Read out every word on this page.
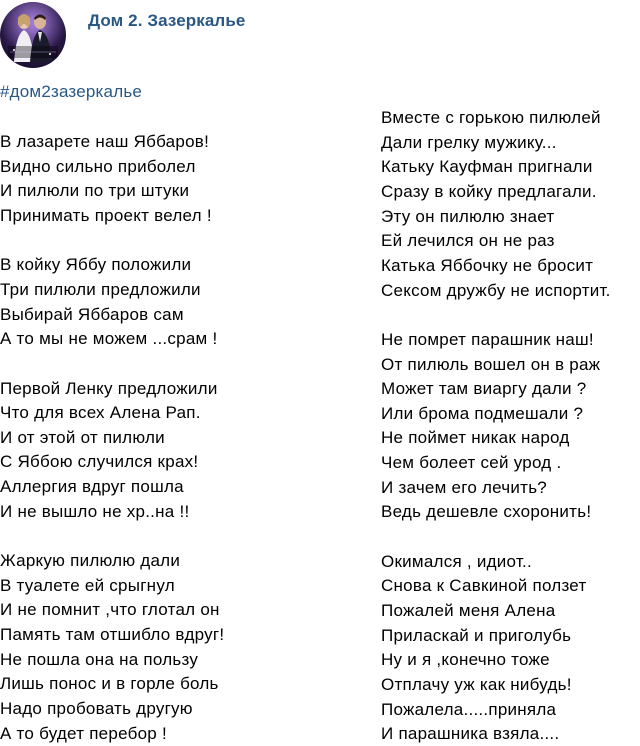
Дом 2. Зазеркалье
#дом2зазеркалье
В лазарете наш Яббаров!
Видно сильно приболел
И пилюли по три штуки
Принимать проект велел !
В койку Яббу положили
Три пилюли предложили
Выбирай Яббаров сам
А то мы не можем ...срам !
Первой Ленку предложили
Что для всех Алена Рап.
И от этой от пилюли
С Яббою случился крах!
Аллергия вдруг пошла
И не вышло не хр..на !!
Жаркую пилюлю дали
В туалете ей срыгнул
И не помнит ,что глотал он
Память там отшибло вдруг!
Не пошла она на пользу
Лишь понос и в горле боль
Надо пробовать другую
А то будет перебор !
Вместе с горькою пилюлей
Дали грелку мужику...
Катьку Кауфман пригнали
Сразу в койку предлагали.
Эту он пилюлю знает
Ей лечился он не раз
Катька Яббочку не бросит
Сексом дружбу не испортит.
Не помрет парашник наш!
От пилюль вошел он в раж
Может там виаргу дали ?
Или брома подмешали ?
Не поймет никак народ
Чем болеет сей урод .
И зачем его лечить?
Ведь дешевле схоронить!
Окимался , идиот..
Снова к Савкиной ползет
Пожалей меня Алена
Приласкай и приголубь
Ну и я ,конечно тоже
Отплачу уж как нибудь!
Пожалела.....приняла
И парашника взяла....
